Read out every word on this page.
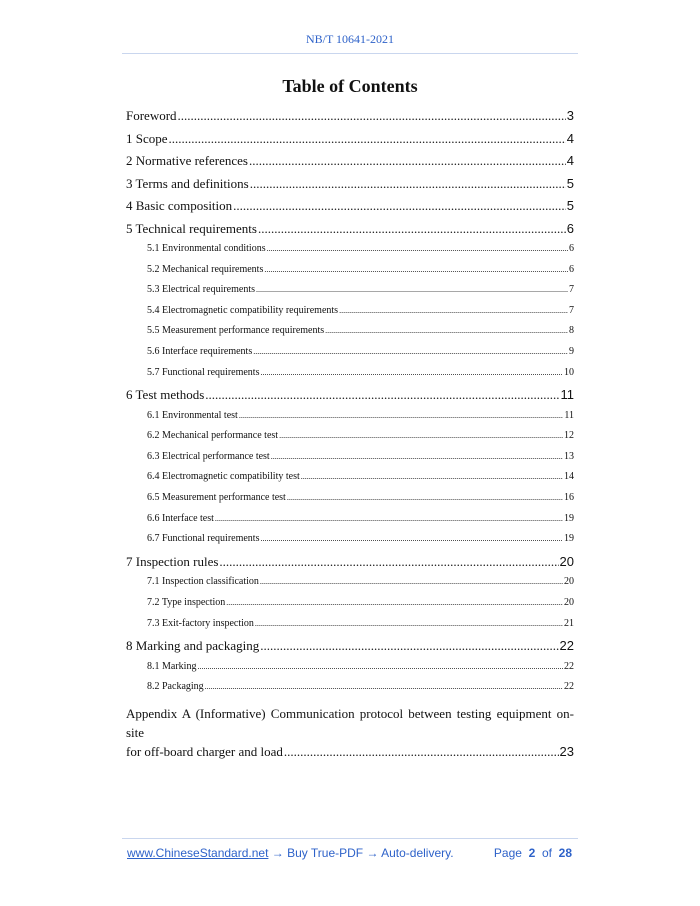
NB/T 10641-2021
Table of Contents
Foreword .....	3
1 Scope .....	4
2 Normative references .....	4
3 Terms and definitions .....	5
4 Basic composition .....	5
5 Technical requirements .....	6
5.1 Environmental conditions .....	6
5.2 Mechanical requirements .....	6
5.3 Electrical requirements .....	7
5.4 Electromagnetic compatibility requirements .....	7
5.5 Measurement performance requirements .....	8
5.6 Interface requirements .....	9
5.7 Functional requirements .....	10
6 Test methods .....	11
6.1 Environmental test .....	11
6.2 Mechanical performance test .....	12
6.3 Electrical performance test .....	13
6.4 Electromagnetic compatibility test .....	14
6.5 Measurement performance test .....	16
6.6 Interface test .....	19
6.7 Functional requirements .....	19
7 Inspection rules .....	20
7.1 Inspection classification .....	20
7.2 Type inspection .....	20
7.3 Exit-factory inspection .....	21
8 Marking and packaging .....	22
8.1 Marking .....	22
8.2 Packaging .....	22
Appendix A (Informative) Communication protocol between testing equipment on-site
for off-board charger and load .....	23
www.ChineseStandard.net → Buy True-PDF → Auto-delivery.	Page 2 of 28
